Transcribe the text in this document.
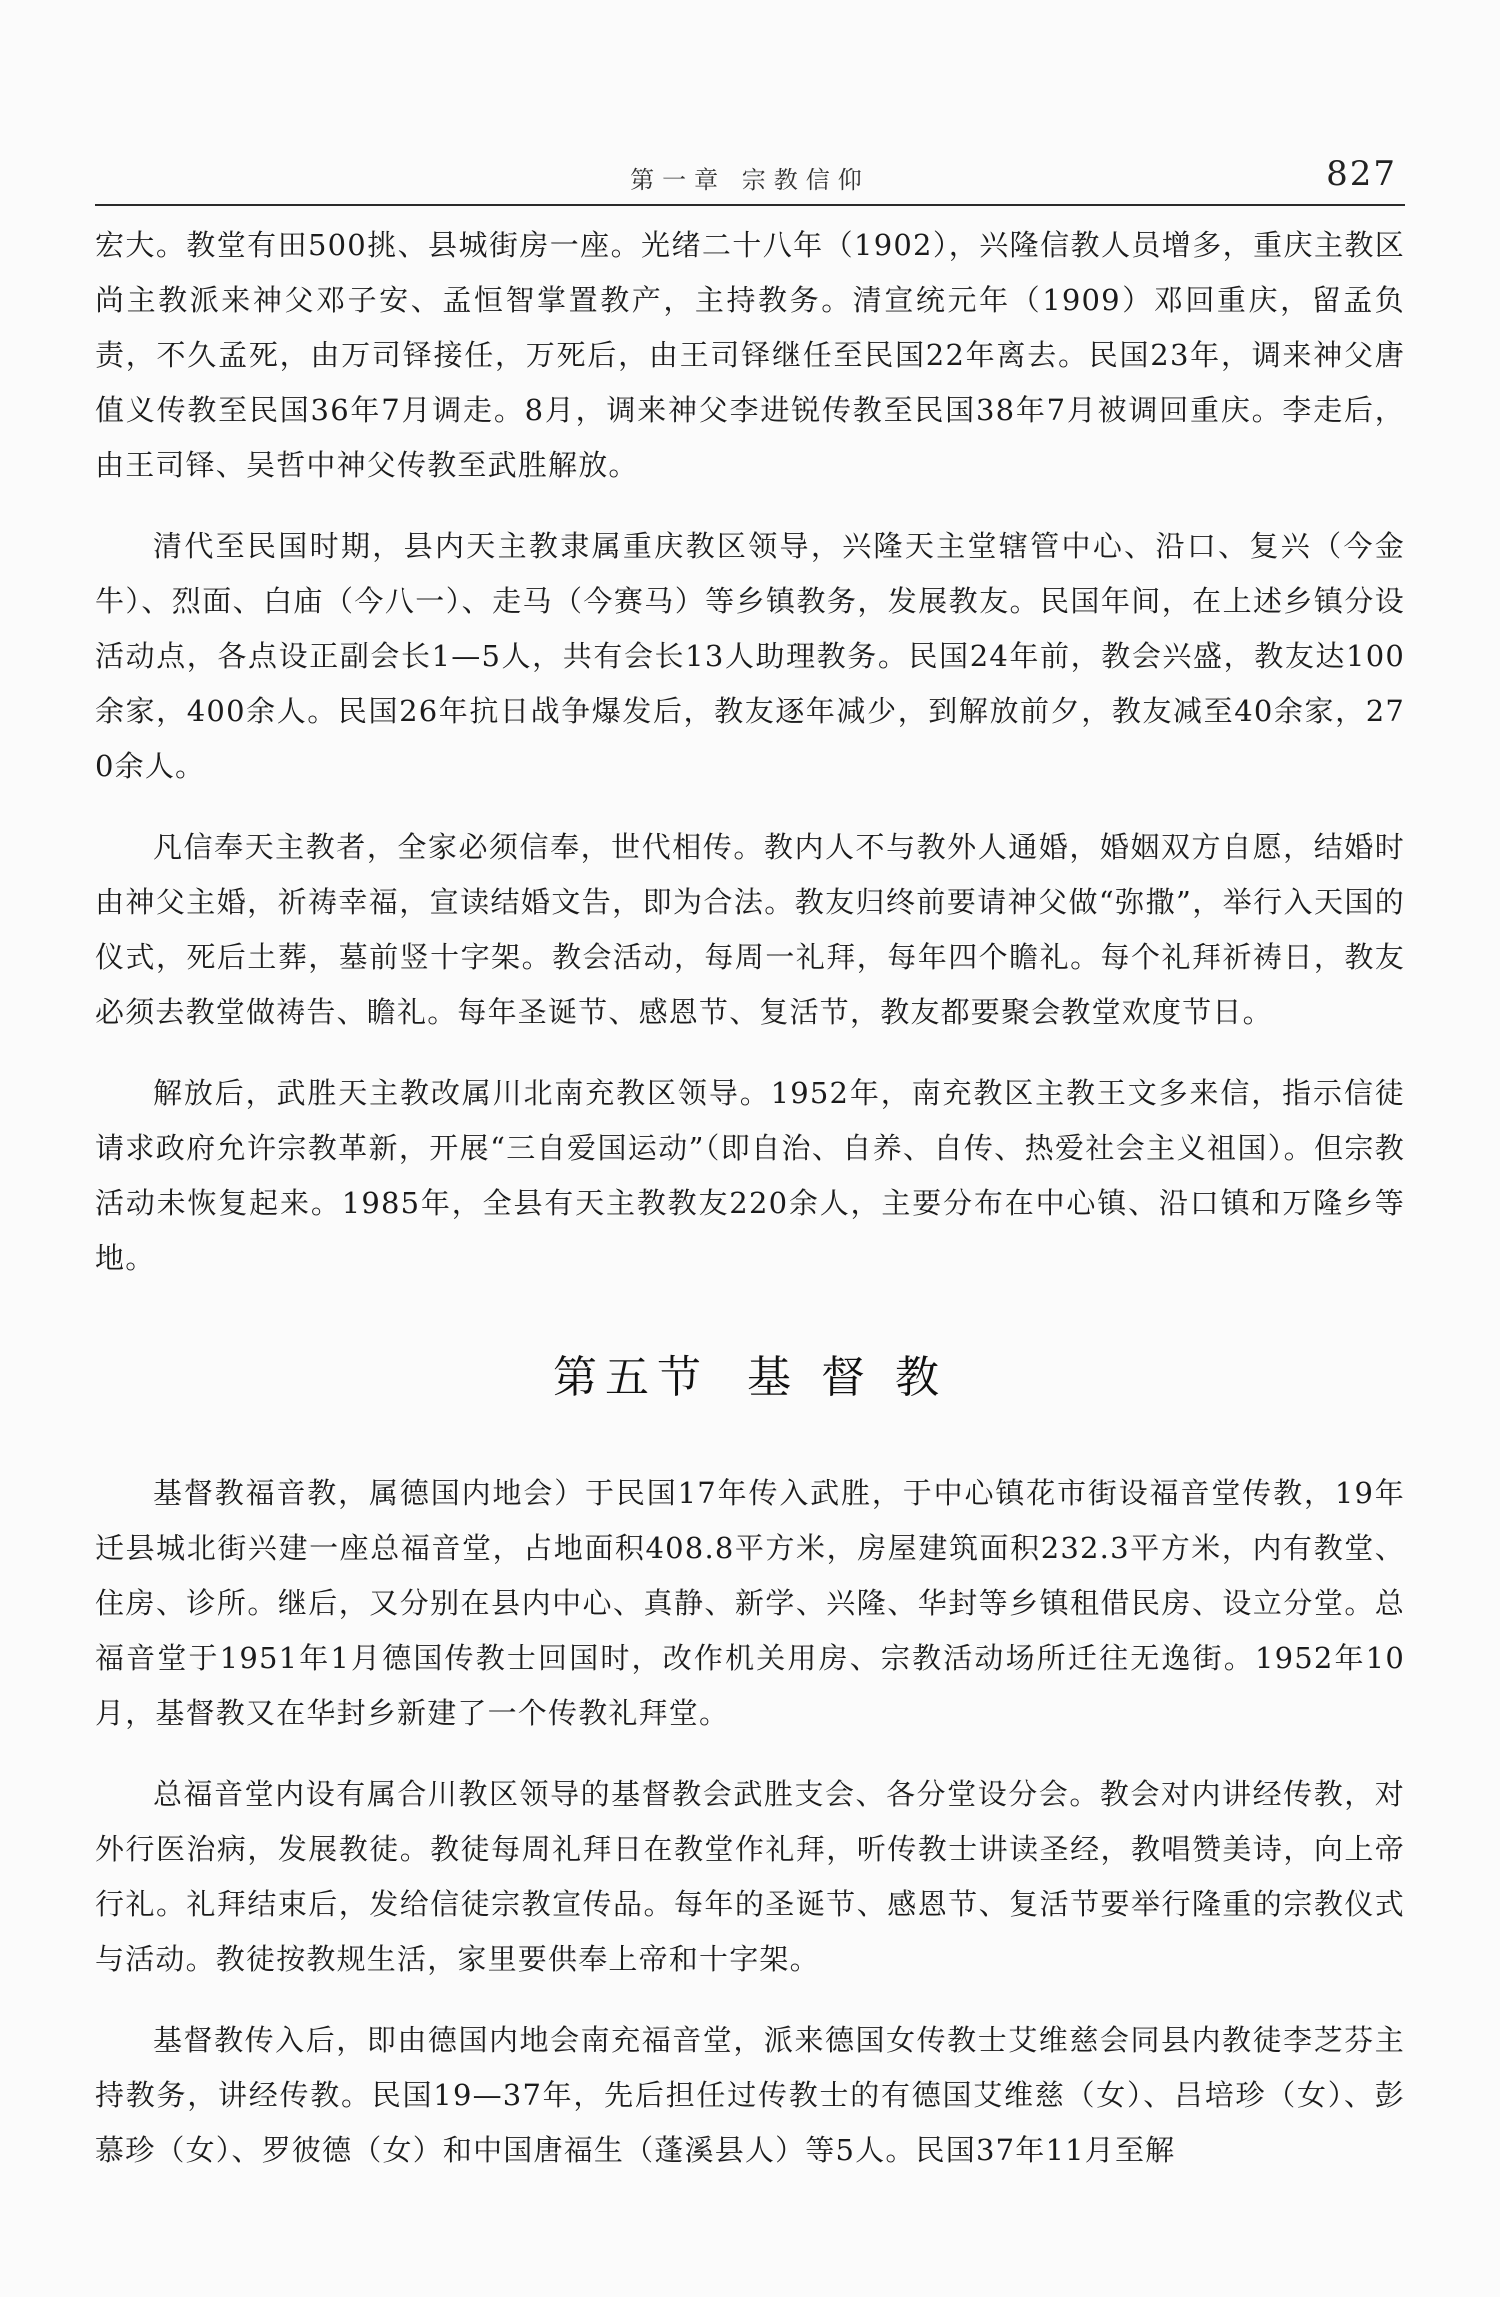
第一章 宗教信仰	827

宏大。教堂有田500挑、县城街房一座。光绪二十八年（1902），兴隆信教人员增多，重庆主教区尚主教派来神父邓子安、孟恒智掌置教产，主持教务。清宣统元年（1909）邓回重庆，留孟负责，不久孟死，由万司铎接任，万死后，由王司铎继任至民国22年离去。民国23年，调来神父唐值义传教至民国36年7月调走。8月，调来神父李进锐传教至民国38年7月被调回重庆。李走后，由王司铎、吴哲中神父传教至武胜解放。

清代至民国时期，县内天主教隶属重庆教区领导，兴隆天主堂辖管中心、沿口、复兴（今金牛）、烈面、白庙（今八一）、走马（今赛马）等乡镇教务，发展教友。民国年间，在上述乡镇分设活动点，各点设正副会长1—5人，共有会长13人助理教务。民国24年前，教会兴盛，教友达100余家，400余人。民国26年抗日战争爆发后，教友逐年减少，到解放前夕，教友减至40余家，270余人。

凡信奉天主教者，全家必须信奉，世代相传。教内人不与教外人通婚，婚姻双方自愿，结婚时由神父主婚，祈祷幸福，宣读结婚文告，即为合法。教友归终前要请神父做“弥撒”，举行入天国的仪式，死后土葬，墓前竖十字架。教会活动，每周一礼拜，每年四个瞻礼。每个礼拜祈祷日，教友必须去教堂做祷告、瞻礼。每年圣诞节、感恩节、复活节，教友都要聚会教堂欢度节日。

解放后，武胜天主教改属川北南充教区领导。1952年，南充教区主教王文多来信，指示信徒请求政府允许宗教革新，开展“三自爱国运动”（即自治、自养、自传、热爱社会主义祖国）。但宗教活动未恢复起来。1985年，全县有天主教教友220余人，主要分布在中心镇、沿口镇和万隆乡等地。

第五节 基 督 教

基督教福音教，属德国内地会）于民国17年传入武胜，于中心镇花市街设福音堂传教，19年迁县城北街兴建一座总福音堂，占地面积408.8平方米，房屋建筑面积232.3平方米，内有教堂、住房、诊所。继后，又分别在县内中心、真静、新学、兴隆、华封等乡镇租借民房、设立分堂。总福音堂于1951年1月德国传教士回国时，改作机关用房、宗教活动场所迁往无逸街。1952年10月，基督教又在华封乡新建了一个传教礼拜堂。

总福音堂内设有属合川教区领导的基督教会武胜支会、各分堂设分会。教会对内讲经传教，对外行医治病，发展教徒。教徒每周礼拜日在教堂作礼拜，听传教士讲读圣经，教唱赞美诗，向上帝行礼。礼拜结束后，发给信徒宗教宣传品。每年的圣诞节、感恩节、复活节要举行隆重的宗教仪式与活动。教徒按教规生活，家里要供奉上帝和十字架。

基督教传入后，即由德国内地会南充福音堂，派来德国女传教士艾维慈会同县内教徒李芝芬主持教务，讲经传教。民国19—37年，先后担任过传教士的有德国艾维慈（女）、吕培珍（女）、彭慕珍（女）、罗彼德（女）和中国唐福生（蓬溪县人）等5人。民国37年11月至解
